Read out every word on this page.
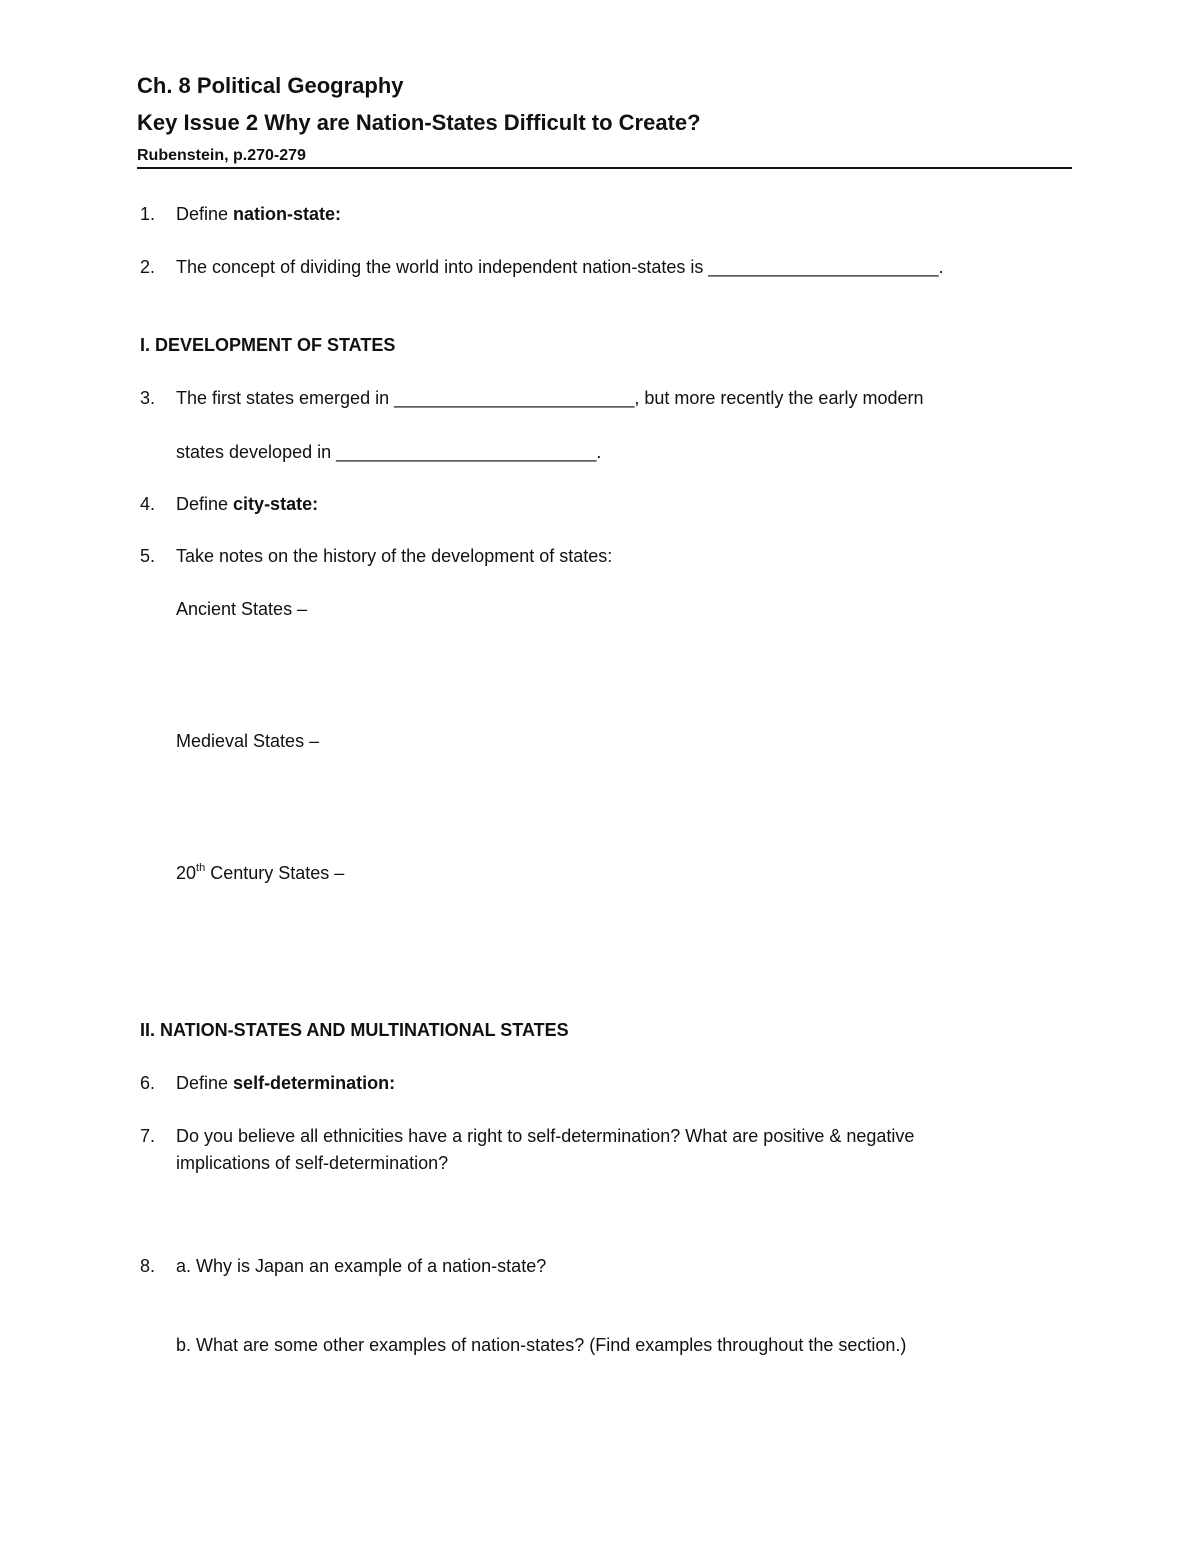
Ch. 8 Political Geography
Key Issue 2 Why are Nation-States Difficult to Create?
Rubenstein, p.270-279
1. Define nation-state:
2. The concept of dividing the world into independent nation-states is _______________________.
I. DEVELOPMENT OF STATES
3. The first states emerged in ________________________, but more recently the early modern
states developed in __________________________.
4. Define city-state:
5. Take notes on the history of the development of states:
Ancient States –
Medieval States –
20th Century States –
II. NATION-STATES AND MULTINATIONAL STATES
6. Define self-determination:
7. Do you believe all ethnicities have a right to self-determination? What are positive & negative
implications of self-determination?
8. a. Why is Japan an example of a nation-state?
b. What are some other examples of nation-states? (Find examples throughout the section.)
